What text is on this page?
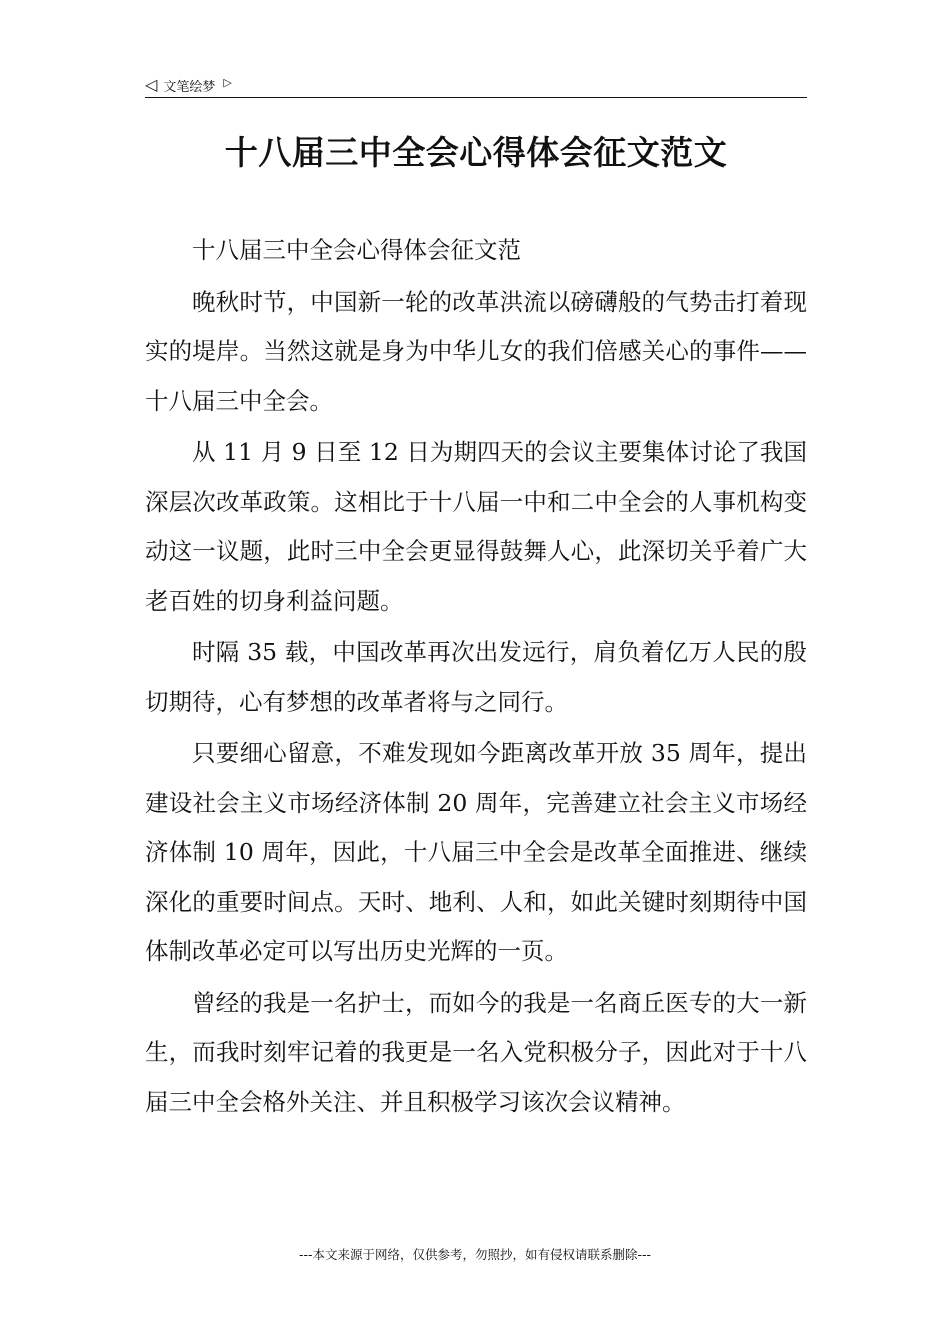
◁ 文笔绘梦 ▷
十八届三中全会心得体会征文范文

十八届三中全会心得体会征文范

晚秋时节，中国新一轮的改革洪流以磅礴般的气势击打着现实的堤岸。当然这就是身为中华儿女的我们倍感关心的事件——十八届三中全会。

从 11 月 9 日至 12 日为期四天的会议主要集体讨论了我国深层次改革政策。这相比于十八届一中和二中全会的人事机构变动这一议题，此时三中全会更显得鼓舞人心，此深切关乎着广大老百姓的切身利益问题。

时隔 35 载，中国改革再次出发远行，肩负着亿万人民的殷切期待，心有梦想的改革者将与之同行。

只要细心留意，不难发现如今距离改革开放 35 周年，提出建设社会主义市场经济体制 20 周年，完善建立社会主义市场经济体制 10 周年，因此，十八届三中全会是改革全面推进、继续深化的重要时间点。天时、地利、人和，如此关键时刻期待中国体制改革必定可以写出历史光辉的一页。

曾经的我是一名护士，而如今的我是一名商丘医专的大一新生，而我时刻牢记着的我更是一名入党积极分子，因此对于十八届三中全会格外关注、并且积极学习该次会议精神。

---本文来源于网络，仅供参考，勿照抄，如有侵权请联系删除---
